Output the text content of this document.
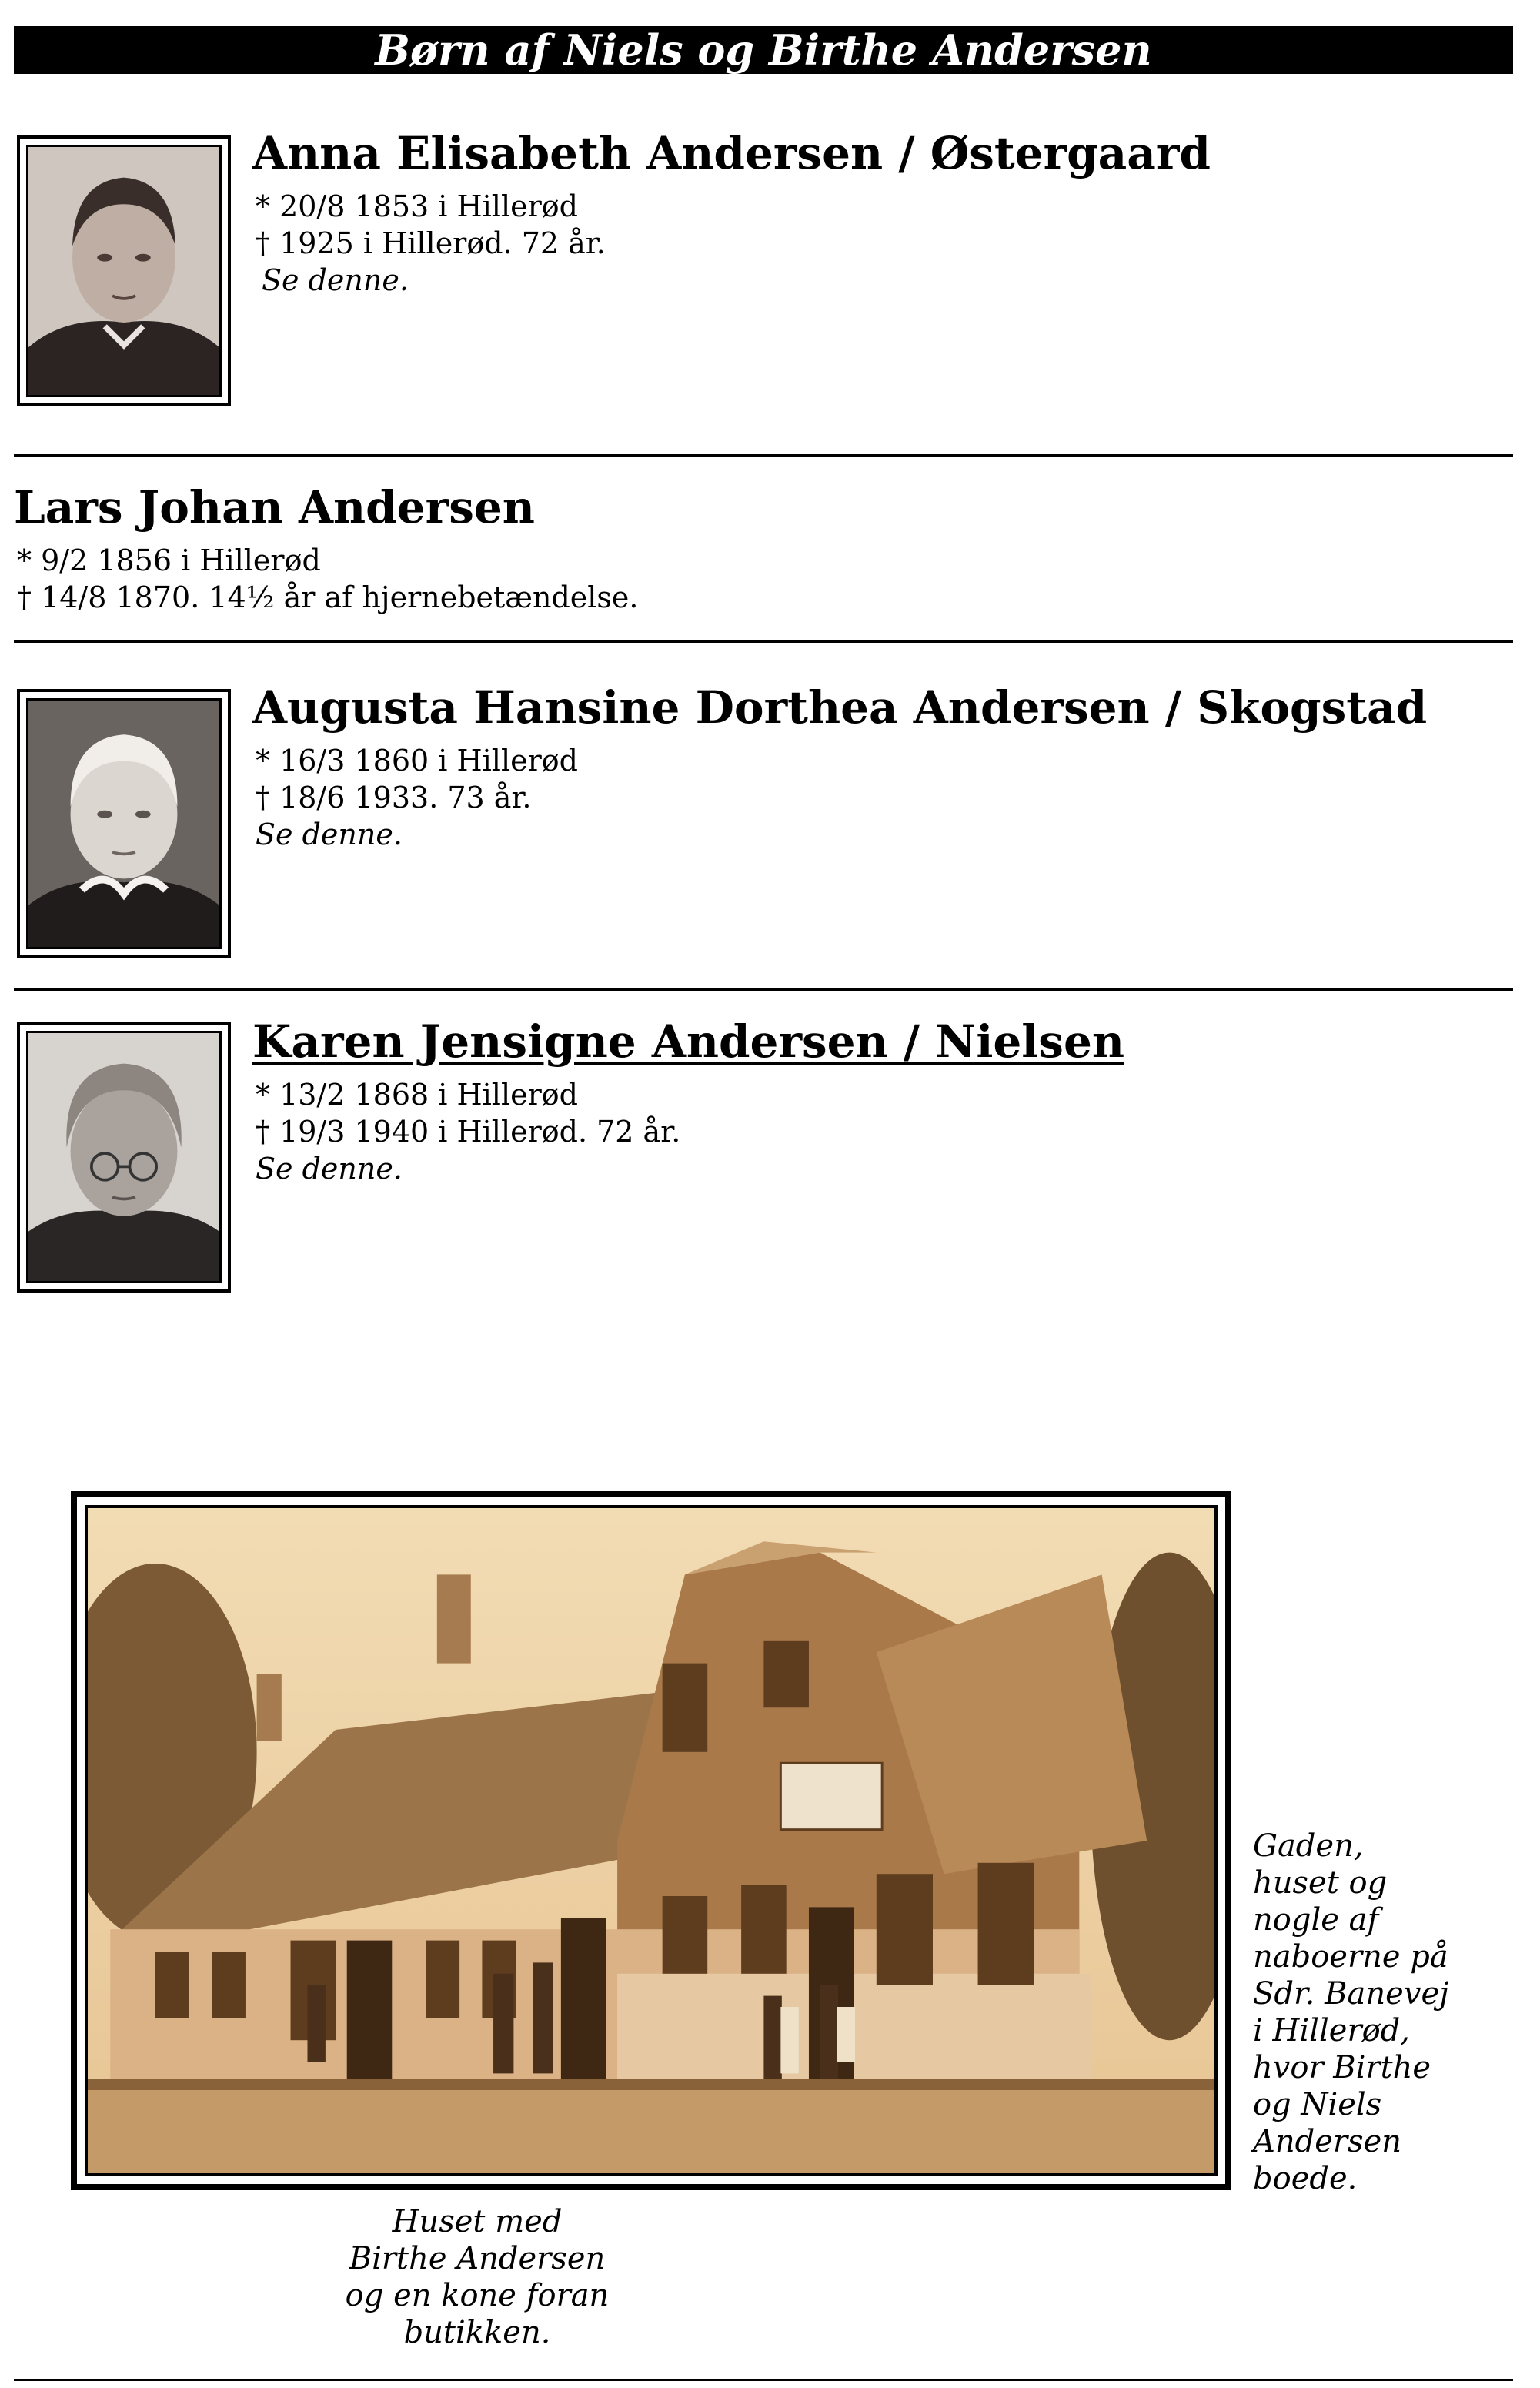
Børn af Niels og Birthe Andersen
Anna Elisabeth Andersen / Østergaard
* 20/8 1853 i Hillerød
† 1925 i Hillerød. 72 år.
Se denne.
Lars Johan Andersen
* 9/2 1856 i Hillerød
† 14/8 1870. 14½ år af hjernebetændelse.
Augusta Hansine Dorthea Andersen / Skogstad
* 16/3 1860 i Hillerød
† 18/6 1933. 73 år.
Se denne.
Karen Jensigne Andersen / Nielsen
* 13/2 1868 i Hillerød
† 19/3 1940 i Hillerød. 72 år.
Se denne.
Gaden,
huset og
nogle af
naboerne på
Sdr. Banevej
i Hillerød,
hvor Birthe
og Niels
Andersen
boede.
Huset med
Birthe Andersen
og en kone foran
butikken.
